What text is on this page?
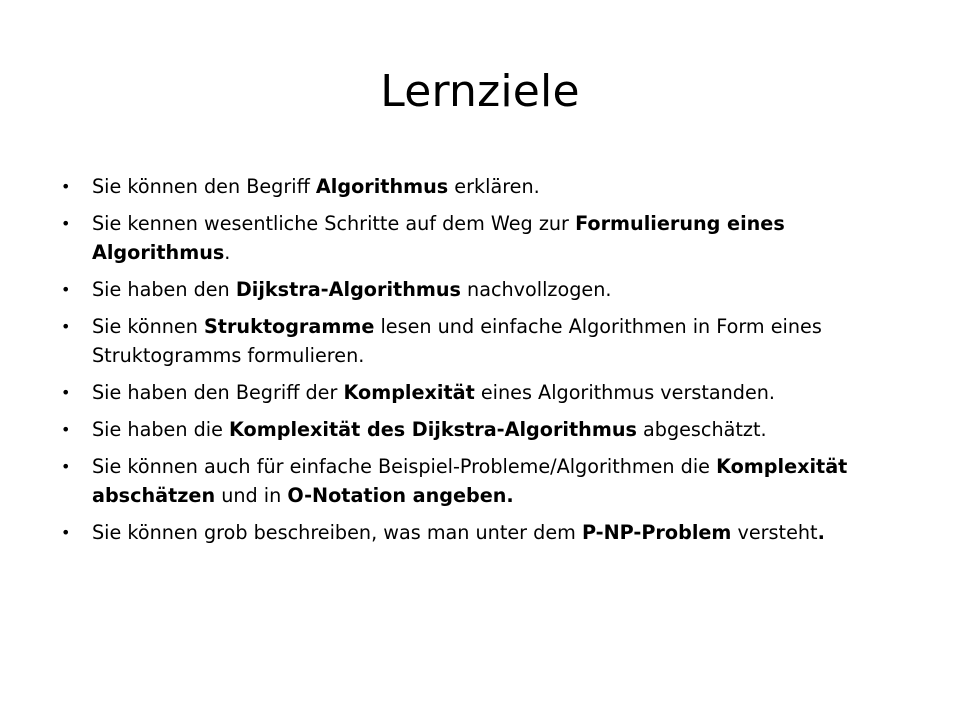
Lernziele
• Sie können den Begriff Algorithmus erklären.
• Sie kennen wesentliche Schritte auf dem Weg zur Formulierung eines Algorithmus.
• Sie haben den Dijkstra-Algorithmus nachvollzogen.
• Sie können Struktogramme lesen und einfache Algorithmen in Form eines Struktogramms formulieren.
• Sie haben den Begriff der Komplexität eines Algorithmus verstanden.
• Sie haben die Komplexität des Dijkstra-Algorithmus abgeschätzt.
• Sie können auch für einfache Beispiel-Probleme/Algorithmen die Komplexität abschätzen und in O-Notation angeben.
• Sie können grob beschreiben, was man unter dem P-NP-Problem versteht.
